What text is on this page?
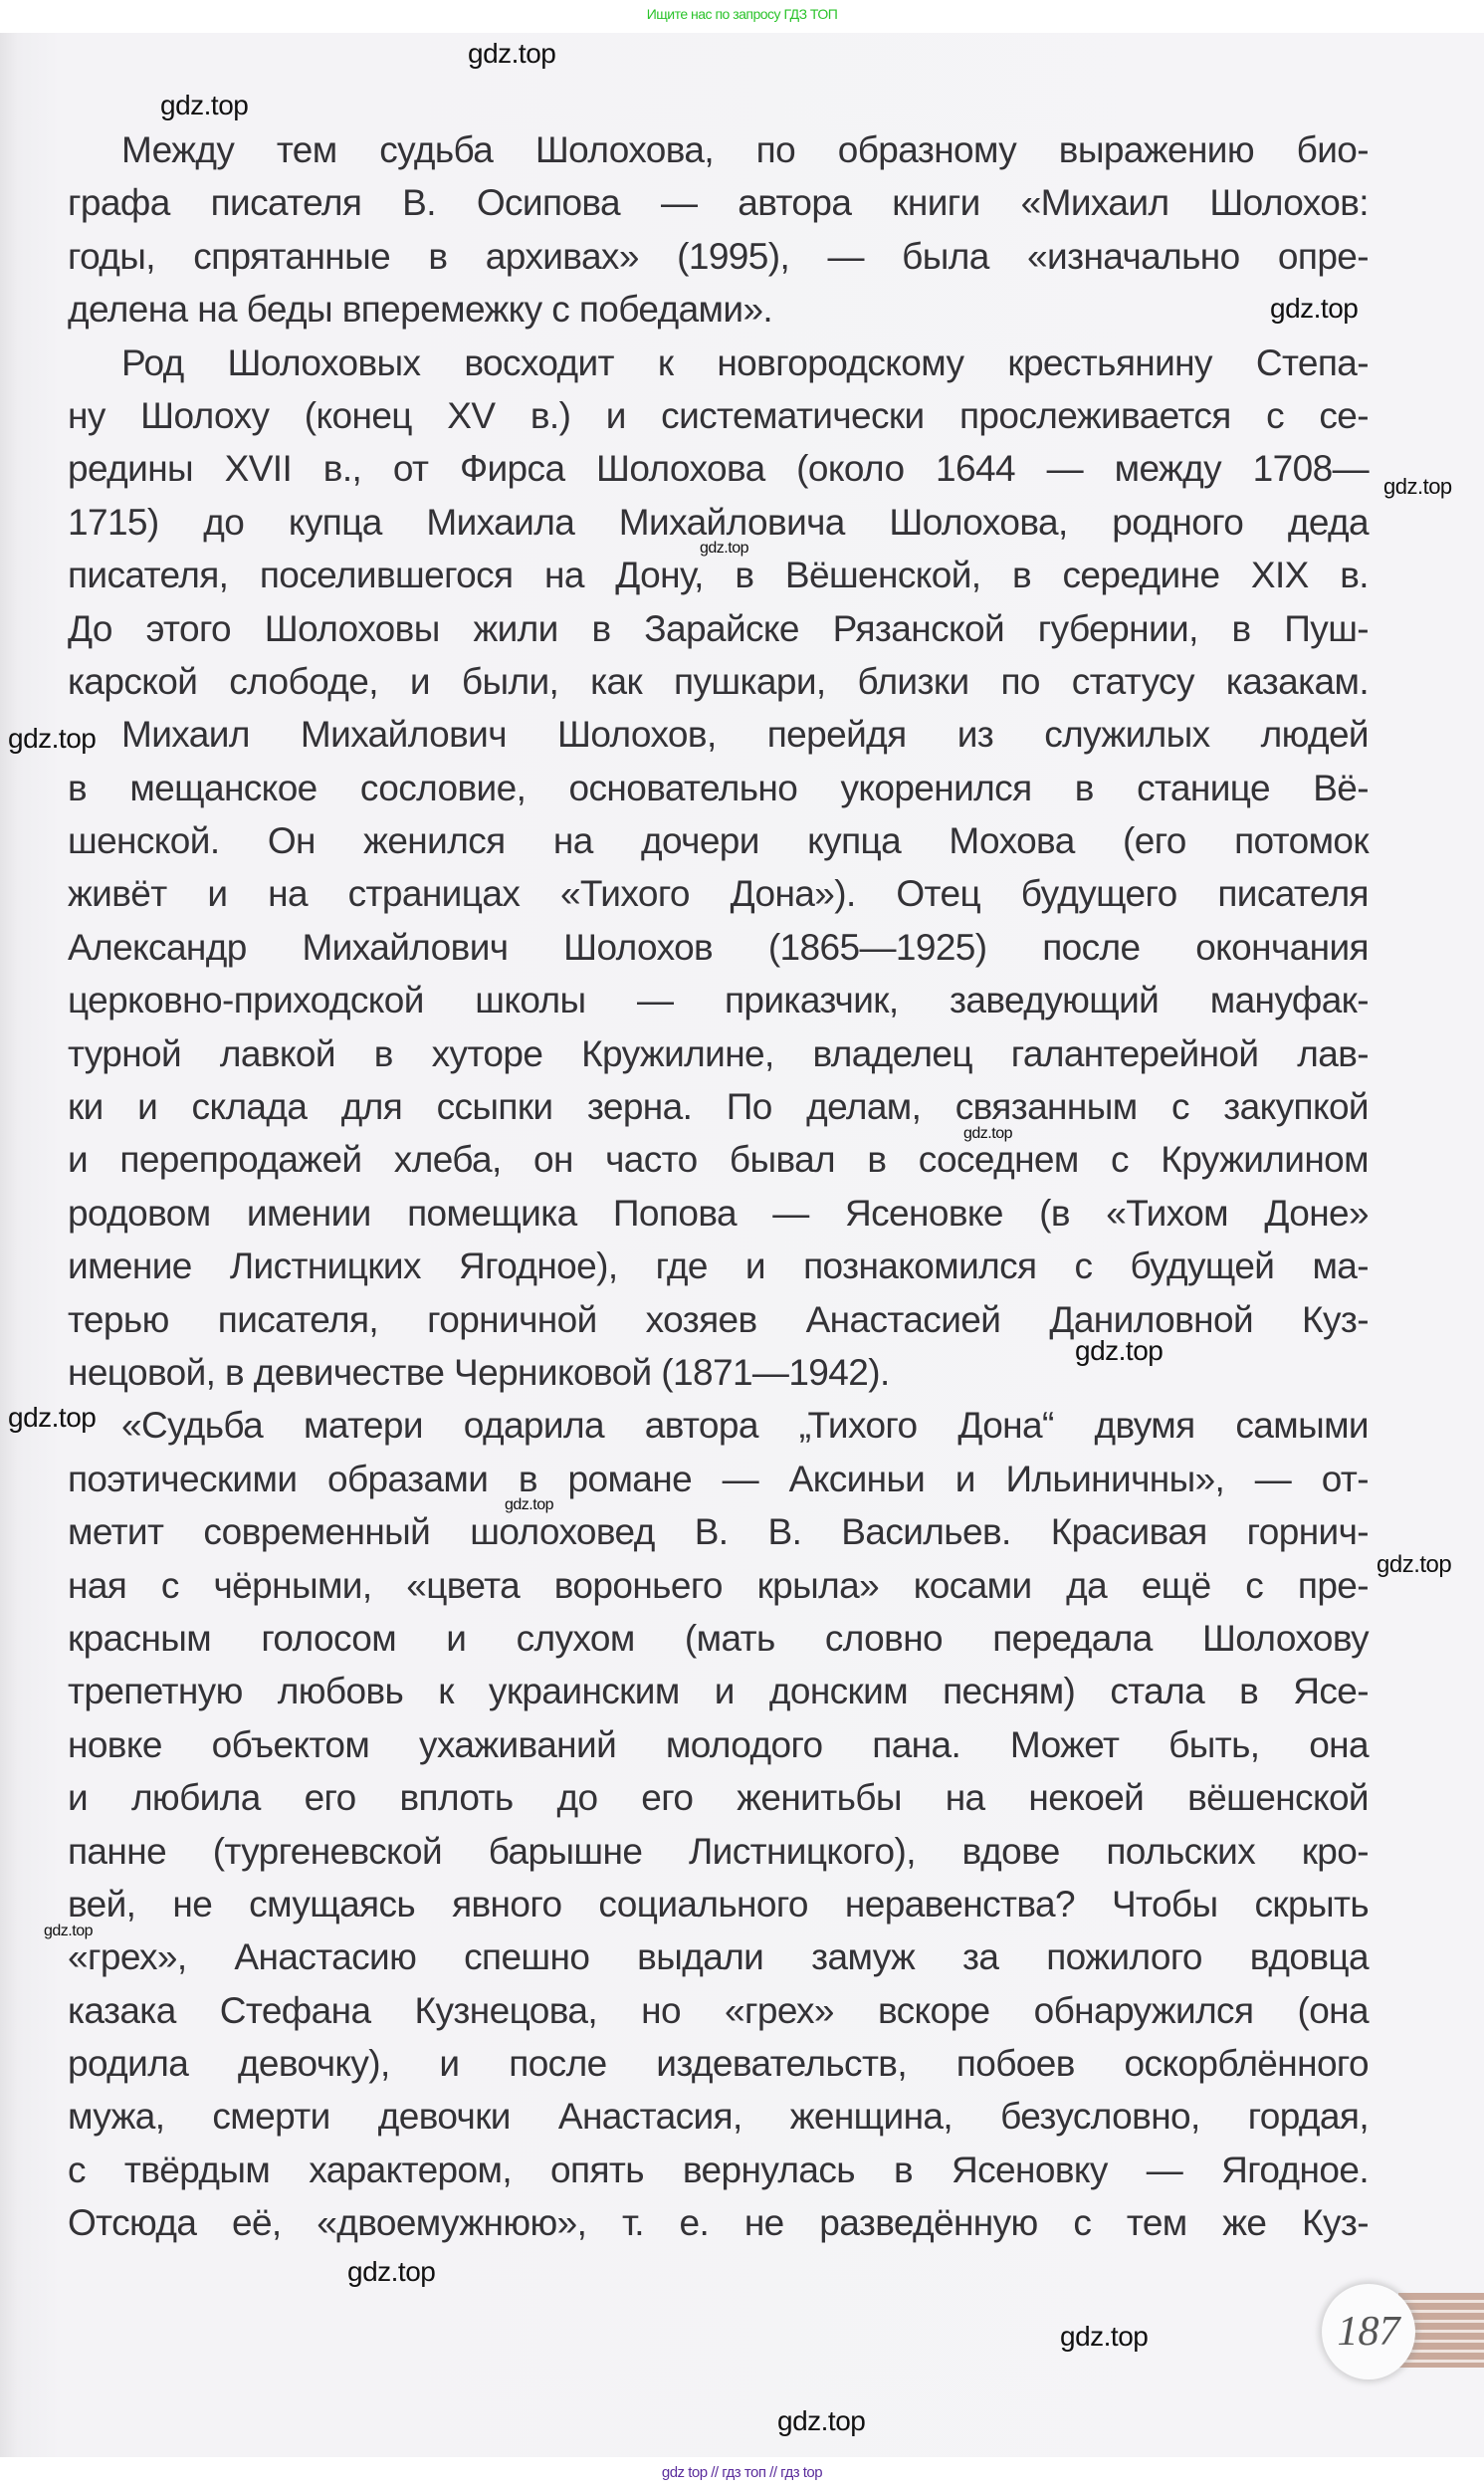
Ищите нас по запросу ГДЗ ТОП
Между тем судьба Шолохова, по образному выражению био-
графа писателя В. Осипова — автора книги «Михаил Шолохов:
годы, спрятанные в архивах» (1995), — была «изначально опре-
делена на беды вперемежку с победами».
Род Шолоховых восходит к новгородскому крестьянину Степа-
ну Шолоху (конец XV в.) и систематически прослеживается с се-
редины XVII в., от Фирса Шолохова (около 1644 — между 1708—
1715) до купца Михаила Михайловича Шолохова, родного деда
писателя, поселившегося на Дону, в Вёшенской, в середине XIX в.
До этого Шолоховы жили в Зарайске Рязанской губернии, в Пуш-
карской слободе, и были, как пушкари, близки по статусу казакам.
Михаил Михайлович Шолохов, перейдя из служилых людей
в мещанское сословие, основательно укоренился в станице Вё-
шенской. Он женился на дочери купца Мохова (его потомок
живёт и на страницах «Тихого Дона»). Отец будущего писателя
Александр Михайлович Шолохов (1865—1925) после окончания
церковно-приходской школы — приказчик, заведующий мануфак-
турной лавкой в хуторе Кружилине, владелец галантерейной лав-
ки и склада для ссыпки зерна. По делам, связанным с закупкой
и перепродажей хлеба, он часто бывал в соседнем с Кружилином
родовом имении помещика Попова — Ясеновке (в «Тихом Доне»
имение Листницких Ягодное), где и познакомился с будущей ма-
терью писателя, горничной хозяев Анастасией Даниловной Куз-
нецовой, в девичестве Черниковой (1871—1942).
«Судьба матери одарила автора „Тихого Дона“ двумя самыми
поэтическими образами в романе — Аксиньи и Ильиничны», — от-
метит современный шолоховед В. В. Васильев. Красивая горнич-
ная с чёрными, «цвета вороньего крыла» косами да ещё с пре-
красным голосом и слухом (мать словно передала Шолохову
трепетную любовь к украинским и донским песням) стала в Ясе-
новке объектом ухаживаний молодого пана. Может быть, она
и любила его вплоть до его женитьбы на некоей вёшенской
панне (тургеневской барышне Листницкого), вдове польских кро-
вей, не смущаясь явного социального неравенства? Чтобы скрыть
«грех», Анастасию спешно выдали замуж за пожилого вдовца
казака Стефана Кузнецова, но «грех» вскоре обнаружился (она
родила девочку), и после издевательств, побоев оскорблённого
мужа, смерти девочки Анастасия, женщина, безусловно, гордая,
с твёрдым характером, опять вернулась в Ясеновку — Ягодное.
Отсюда её, «двоемужнюю», т. е. не разведённую с тем же Куз-
187
gdz.top
gdz.top
gdz.top
gdz.top
gdz.top
gdz.top
gdz.top
gdz.top
gdz.top
gdz.top
gdz.top
gdz.top
gdz.top
gdz.top
gdz.top
gdz top // гдз топ // гдз top
